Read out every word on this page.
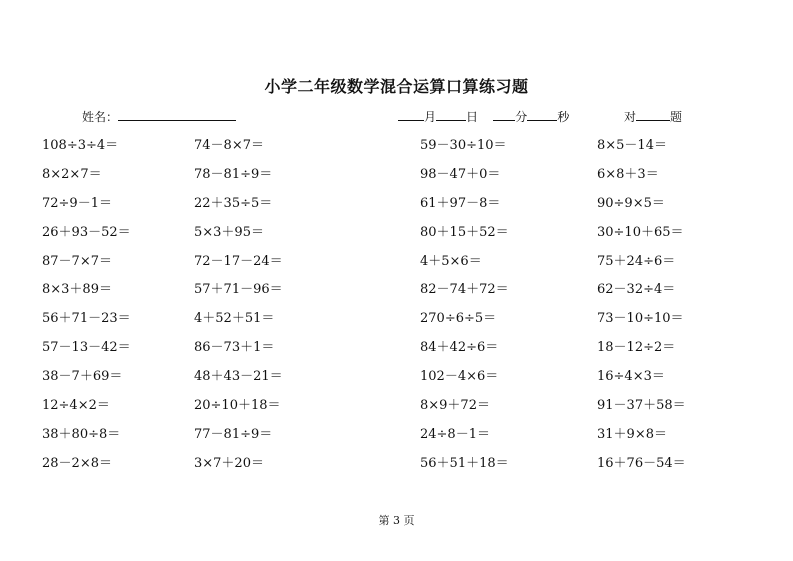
小学二年级数学混合运算口算练习题
姓名：	月	日	分	秒	对	题
108÷3÷4＝	74－8×7＝	59－30÷10＝	8×5－14＝
8×2×7＝	78－81÷9＝	98－47＋0＝	6×8＋3＝
72÷9－1＝	22＋35÷5＝	61＋97－8＝	90÷9×5＝
26＋93－52＝	5×3＋95＝	80＋15＋52＝	30÷10＋65＝
87－7×7＝	72－17－24＝	4＋5×6＝	75＋24÷6＝
8×3＋89＝	57＋71－96＝	82－74＋72＝	62－32÷4＝
56＋71－23＝	4＋52＋51＝	270÷6÷5＝	73－10÷10＝
57－13－42＝	86－73＋1＝	84＋42÷6＝	18－12÷2＝
38－7＋69＝	48＋43－21＝	102－4×6＝	16÷4×3＝
12÷4×2＝	20÷10＋18＝	8×9＋72＝	91－37＋58＝
38＋80÷8＝	77－81÷9＝	24÷8－1＝	31＋9×8＝
28－2×8＝	3×7＋20＝	56＋51＋18＝	16＋76－54＝
第 3 页
